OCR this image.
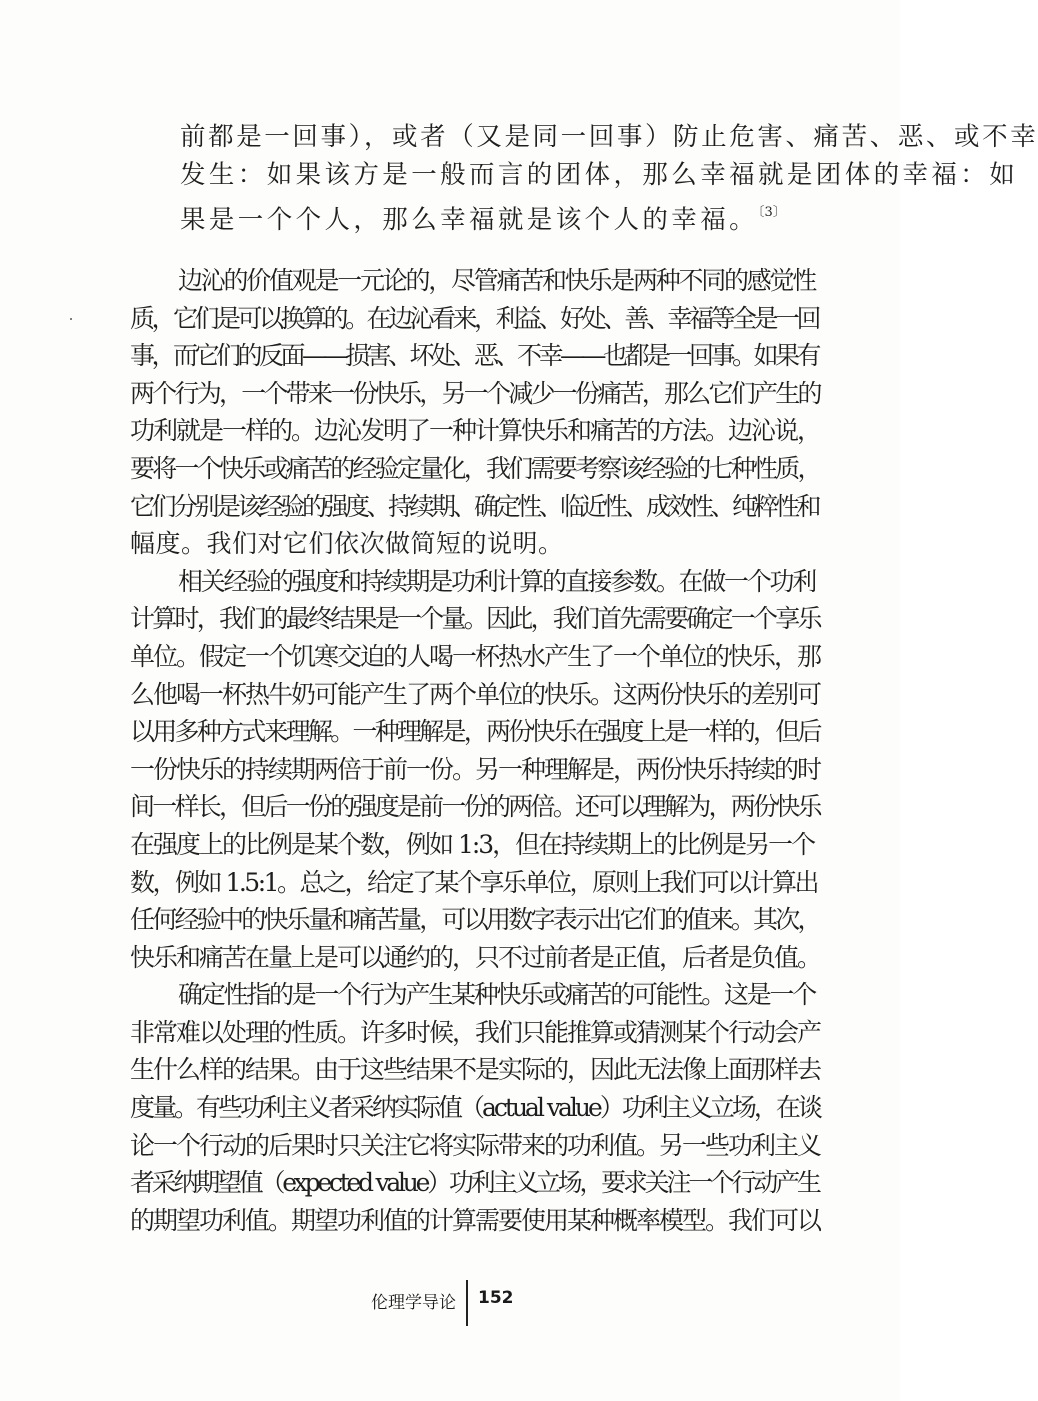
前都是一回事），或者（又是同一回事）防止危害、痛苦、恶、或不幸
发生：如果该方是一般而言的团体，那么幸福就是团体的幸福：如
果是一个个人，那么幸福就是该个人的幸福。$^{〔3〕}$
边沁的价值观是一元论的，尽管痛苦和快乐是两种不同的感觉性
质，它们是可以换算的。在边沁看来，利益、好处、善、幸福等全是一回
事，而它们的反面——损害、坏处、恶、不幸——也都是一回事。如果有
两个行为，一个带来一份快乐，另一个减少一份痛苦，那么它们产生的
功利就是一样的。边沁发明了一种计算快乐和痛苦的方法。边沁说，
要将一个快乐或痛苦的经验定量化，我们需要考察该经验的七种性质，
它们分别是该经验的强度、持续期、确定性、临近性、成效性、纯粹性和
幅度。我们对它们依次做简短的说明。
相关经验的强度和持续期是功利计算的直接参数。在做一个功利
计算时，我们的最终结果是一个量。因此，我们首先需要确定一个享乐
单位。假定一个饥寒交迫的人喝一杯热水产生了一个单位的快乐，那
么他喝一杯热牛奶可能产生了两个单位的快乐。这两份快乐的差别可
以用多种方式来理解。一种理解是，两份快乐在强度上是一样的，但后
一份快乐的持续期两倍于前一份。另一种理解是，两份快乐持续的时
间一样长，但后一份的强度是前一份的两倍。还可以理解为，两份快乐
在强度上的比例是某个数，例如 1:3，但在持续期上的比例是另一个
数，例如 1.5:1。总之，给定了某个享乐单位，原则上我们可以计算出
任何经验中的快乐量和痛苦量，可以用数字表示出它们的值来。其次，
快乐和痛苦在量上是可以通约的，只不过前者是正值，后者是负值。
确定性指的是一个行为产生某种快乐或痛苦的可能性。这是一个
非常难以处理的性质。许多时候，我们只能推算或猜测某个行动会产
生什么样的结果。由于这些结果不是实际的，因此无法像上面那样去
度量。有些功利主义者采纳实际值（actual value）功利主义立场，在谈
论一个行动的后果时只关注它将实际带来的功利值。另一些功利主义
者采纳期望值（expected value）功利主义立场，要求关注一个行动产生
的期望功利值。期望功利值的计算需要使用某种概率模型。我们可以
伦理学导论 152
